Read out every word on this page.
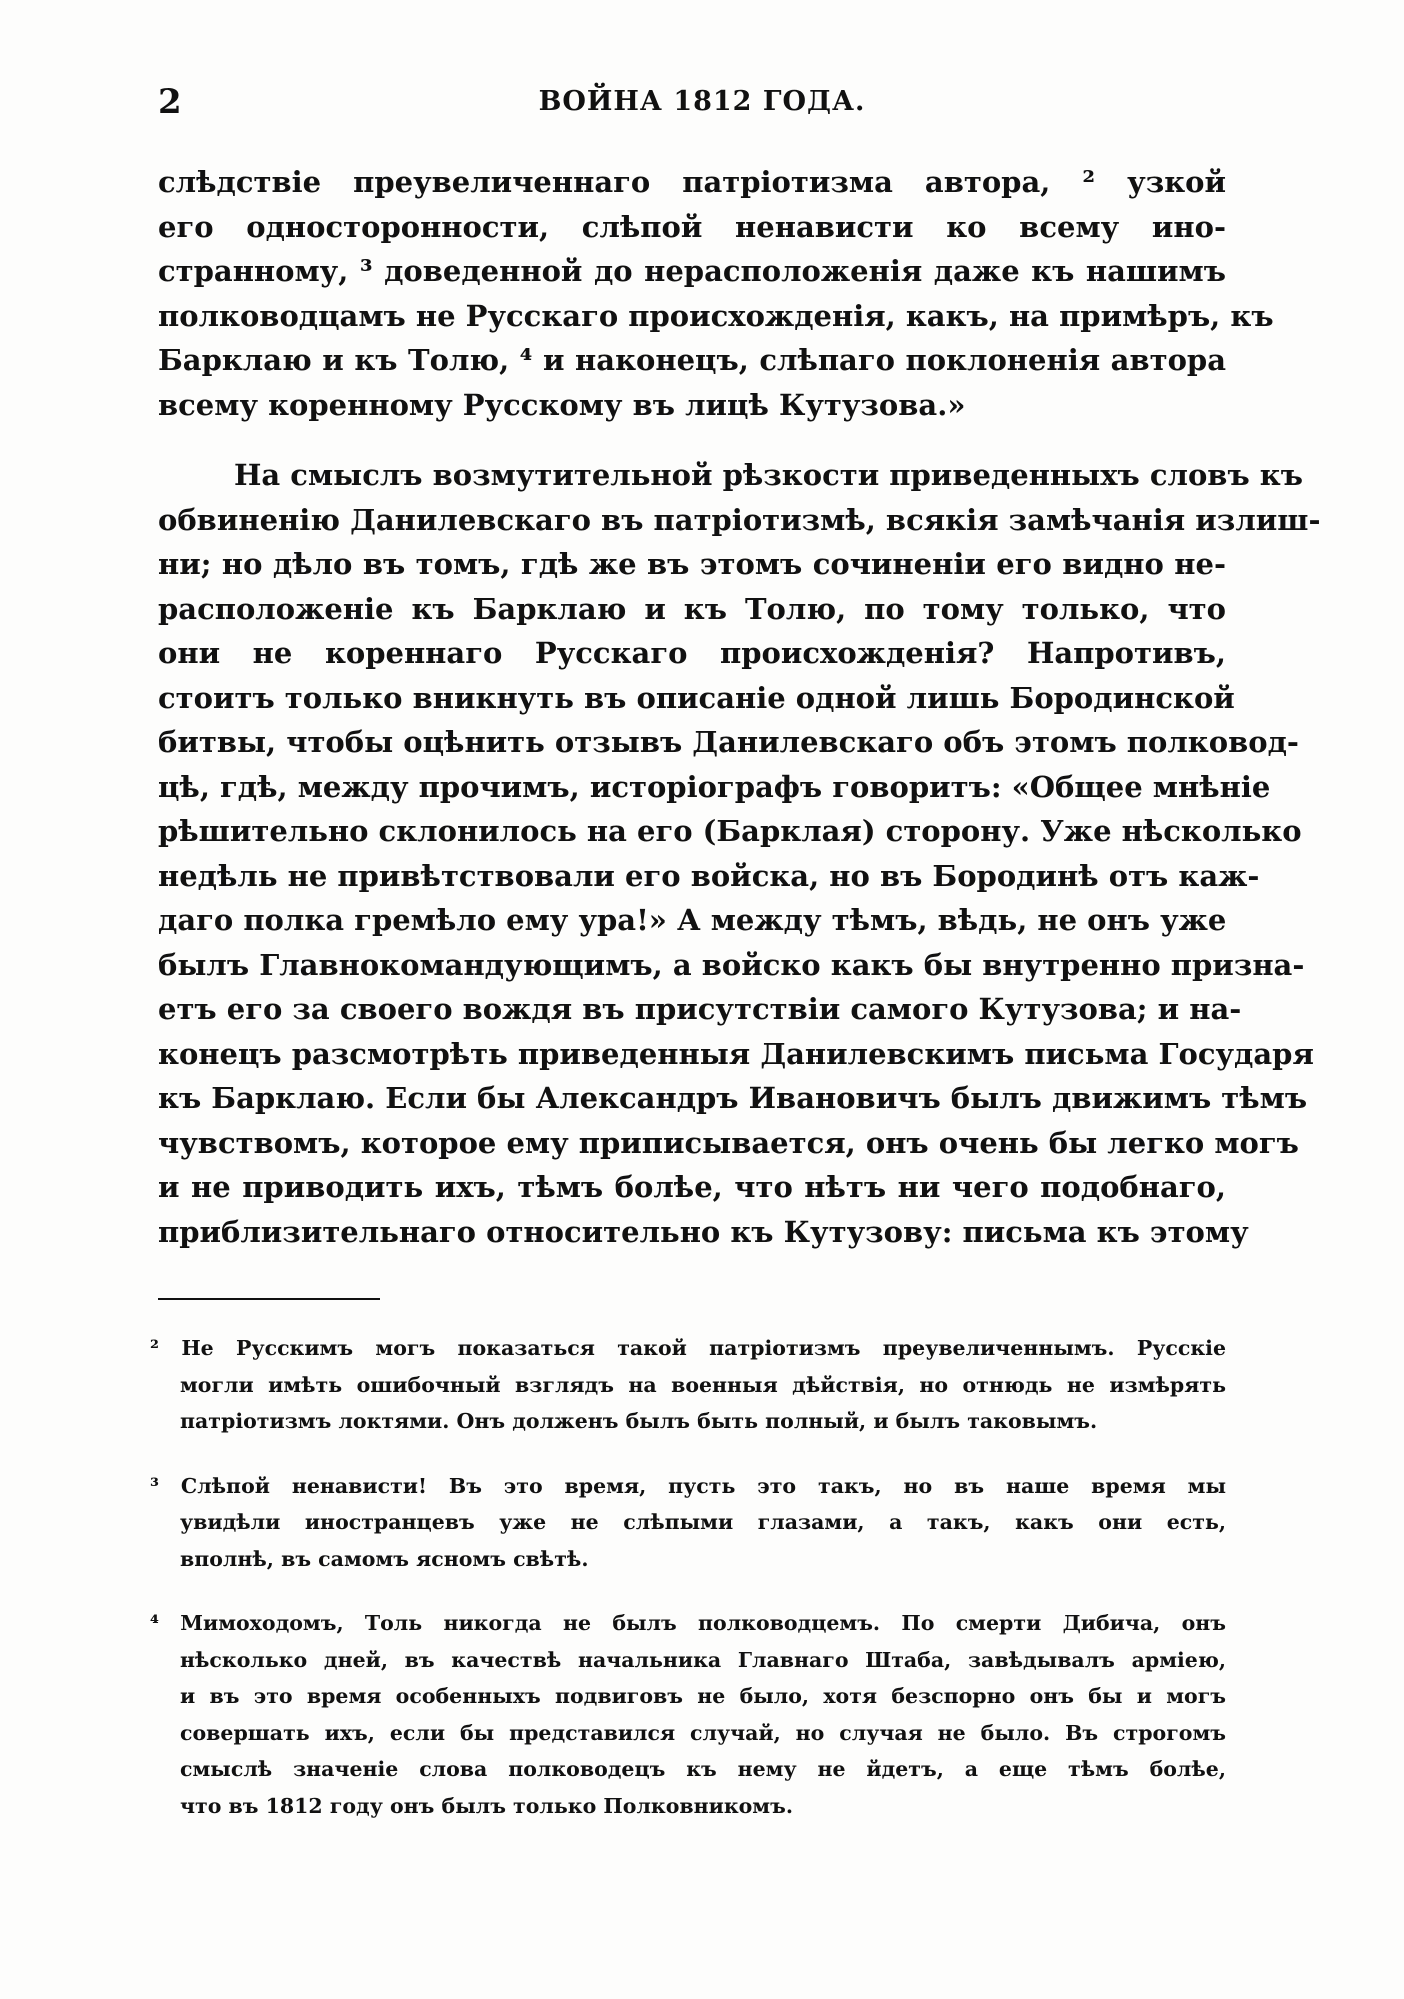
2	ВОЙНА 1812 ГОДА.
слѣдствіе преувеличеннаго патріотизма автора, ² узкой
его односторонности, слѣпой ненависти ко всему ино-
странному, ³ доведенной до нерасположенія даже къ нашимъ
полководцамъ не Русскаго происхожденія, какъ, на примѣръ, къ
Барклаю и къ Толю, ⁴ и наконецъ, слѣпаго поклоненія автора
всему коренному Русскому въ лицѣ Кутузова.»
На смыслъ возмутительной рѣзкости приведенныхъ словъ къ
обвиненію Данилевскаго въ патріотизмѣ, всякія замѣчанія излиш-
ни; но дѣло въ томъ, гдѣ же въ этомъ сочиненіи его видно не-
расположеніе къ Барклаю и къ Толю, по тому только, что
они не кореннаго Русскаго происхожденія? Напротивъ,
стоитъ только вникнуть въ описаніе одной лишь Бородинской
битвы, чтобы оцѣнить отзывъ Данилевскаго объ этомъ полковод-
цѣ, гдѣ, между прочимъ, исторіографъ говоритъ: «Общее мнѣніе
рѣшительно склонилось на его (Барклая) сторону. Уже нѣсколько
недѣль не привѣтствовали его войска, но въ Бородинѣ отъ каж-
даго полка гремѣло ему ура!» А между тѣмъ, вѣдь, не онъ уже
былъ Главнокомандующимъ, а войско какъ бы внутренно призна-
етъ его за своего вождя въ присутствіи самого Кутузова; и на-
конецъ разсмотрѣть приведенныя Данилевскимъ письма Государя
къ Барклаю. Если бы Александръ Ивановичъ былъ движимъ тѣмъ
чувствомъ, которое ему приписывается, онъ очень бы легко могъ
и не приводить ихъ, тѣмъ болѣе, что нѣтъ ни чего подобнаго,
приблизительнаго относительно къ Кутузову: письма къ этому
² Не Русскимъ могъ показаться такой патріотизмъ преувеличеннымъ. Русскіе
могли имѣть ошибочный взглядъ на военныя дѣйствія, но отнюдь не измѣрять
патріотизмъ локтями. Онъ долженъ былъ быть полный, и былъ таковымъ.
³ Слѣпой ненависти! Въ это время, пусть это такъ, но въ наше время мы
увидѣли иностранцевъ уже не слѣпыми глазами, а такъ, какъ они есть,
вполнѣ, въ самомъ ясномъ свѣтѣ.
⁴ Мимоходомъ, Толь никогда не былъ полководцемъ. По смерти Дибича, онъ
нѣсколько дней, въ качествѣ начальника Главнаго Штаба, завѣдывалъ арміею,
и въ это время особенныхъ подвиговъ не было, хотя безспорно онъ бы и могъ
совершать ихъ, если бы представился случай, но случая не было. Въ строгомъ
смыслѣ значеніе слова полководецъ къ нему не йдетъ, а еще тѣмъ болѣе,
что въ 1812 году онъ былъ только Полковникомъ.
